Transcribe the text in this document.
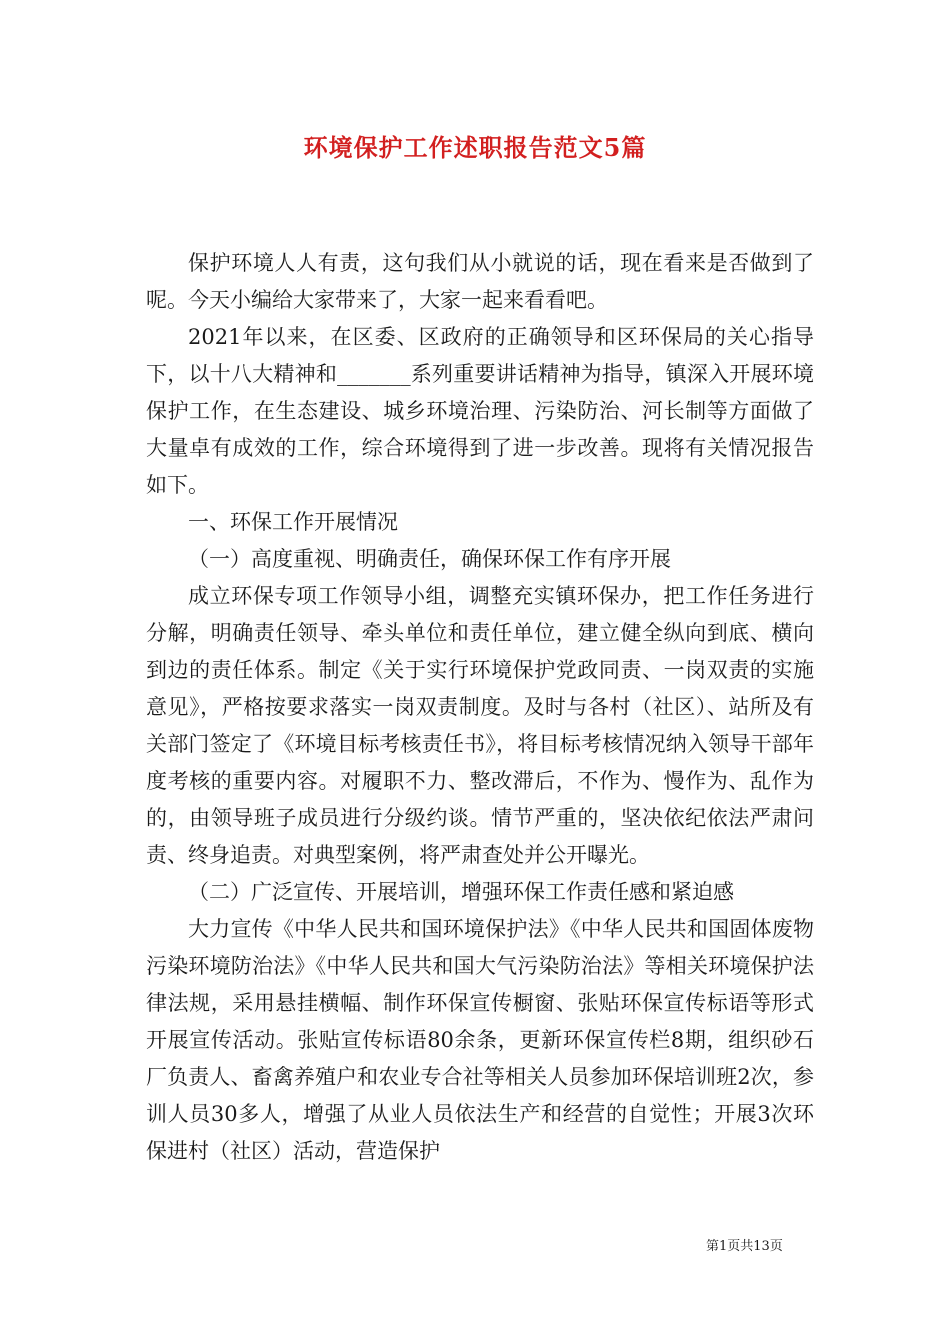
环境保护工作述职报告范文5篇

保护环境人人有责，这句我们从小就说的话，现在看来是否做到了呢。今天小编给大家带来了，大家一起来看看吧。

2021年以来，在区委、区政府的正确领导和区环保局的关心指导下，以十八大精神和_______系列重要讲话精神为指导，镇深入开展环境保护工作，在生态建设、城乡环境治理、污染防治、河长制等方面做了大量卓有成效的工作，综合环境得到了进一步改善。现将有关情况报告如下。

一、环保工作开展情况

（一）高度重视、明确责任，确保环保工作有序开展

成立环保专项工作领导小组，调整充实镇环保办，把工作任务进行分解，明确责任领导、牵头单位和责任单位，建立健全纵向到底、横向到边的责任体系。制定《关于实行环境保护党政同责、一岗双责的实施意见》，严格按要求落实一岗双责制度。及时与各村（社区）、站所及有关部门签定了《环境目标考核责任书》，将目标考核情况纳入领导干部年度考核的重要内容。对履职不力、整改滞后，不作为、慢作为、乱作为的，由领导班子成员进行分级约谈。情节严重的，坚决依纪依法严肃问责、终身追责。对典型案例，将严肃查处并公开曝光。

（二）广泛宣传、开展培训，增强环保工作责任感和紧迫感

大力宣传《中华人民共和国环境保护法》《中华人民共和国固体废物污染环境防治法》《中华人民共和国大气污染防治法》等相关环境保护法律法规，采用悬挂横幅、制作环保宣传橱窗、张贴环保宣传标语等形式开展宣传活动。张贴宣传标语80余条，更新环保宣传栏8期，组织砂石厂负责人、畜禽养殖户和农业专合社等相关人员参加环保培训班2次，参训人员30多人，增强了从业人员依法生产和经营的自觉性；开展3次环保进村（社区）活动，营造保护

第1页共13页
